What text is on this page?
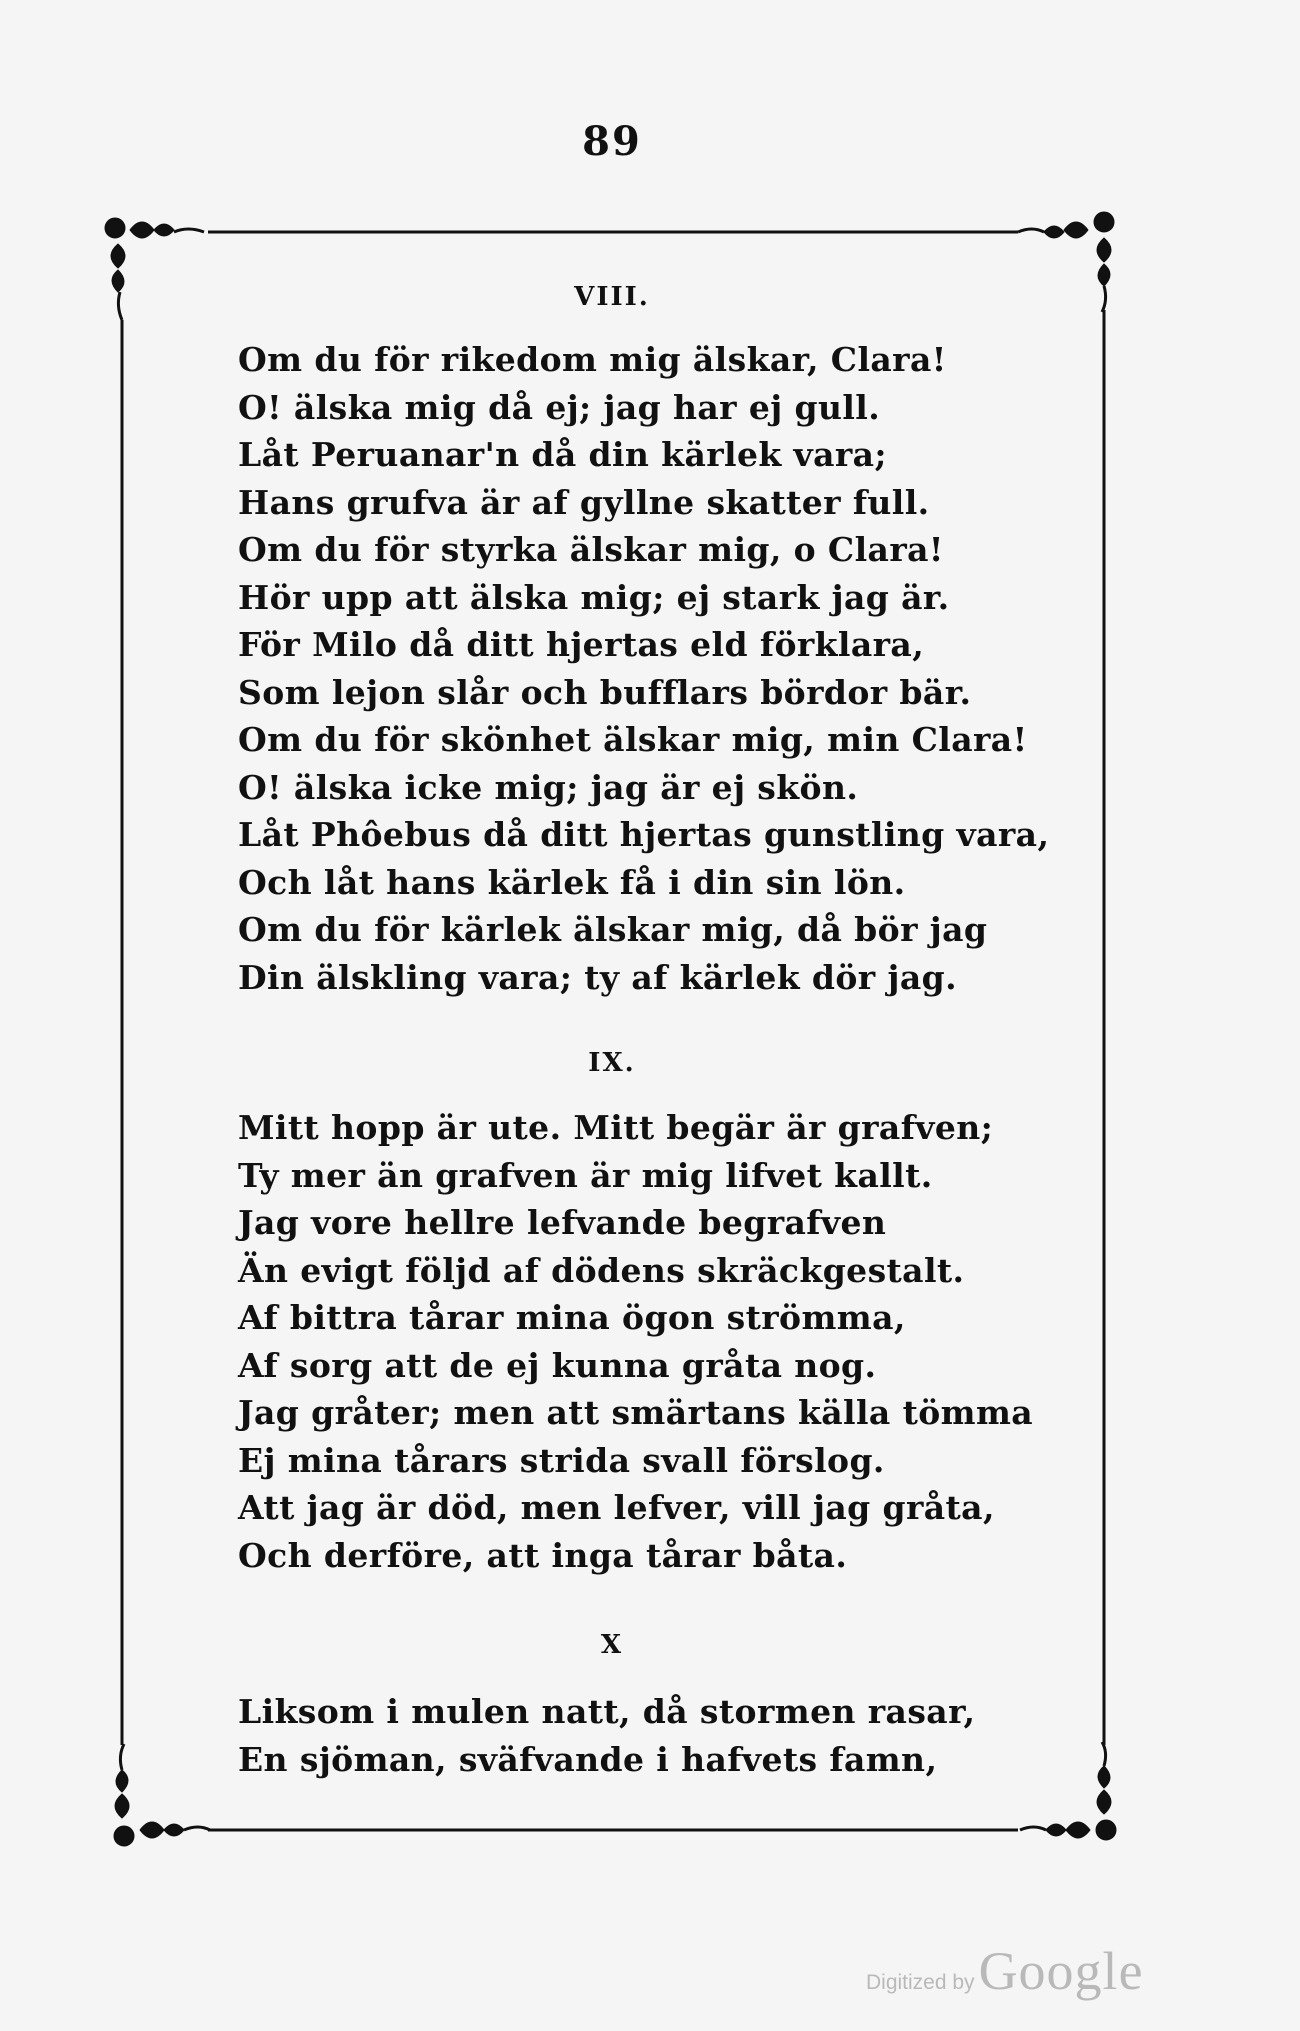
89
VIII.
Om du för rikedom mig älskar, Clara!
O! älska mig då ej; jag har ej gull.
Låt Peruanar'n då din kärlek vara;
Hans grufva är af gyllne skatter full.
Om du för styrka älskar mig, o Clara!
Hör upp att älska mig; ej stark jag är.
För Milo då ditt hjertas eld förklara,
Som lejon slår och bufflars bördor bär.
Om du för skönhet älskar mig, min Clara!
O! älska icke mig; jag är ej skön.
Låt Phôebus då ditt hjertas gunstling vara,
Och låt hans kärlek få i din sin lön.
Om du för kärlek älskar mig, då bör jag
Din älskling vara; ty af kärlek dör jag.
IX.
Mitt hopp är ute. Mitt begär är grafven;
Ty mer än grafven är mig lifvet kallt.
Jag vore hellre lefvande begrafven
Än evigt följd af dödens skräckgestalt.
Af bittra tårar mina ögon strömma,
Af sorg att de ej kunna gråta nog.
Jag gråter; men att smärtans källa tömma
Ej mina tårars strida svall förslog.
Att jag är död, men lefver, vill jag gråta,
Och derföre, att inga tårar båta.
X
Liksom i mulen natt, då stormen rasar,
En sjöman, sväfvande i hafvets famn,
Digitized byGoogle
